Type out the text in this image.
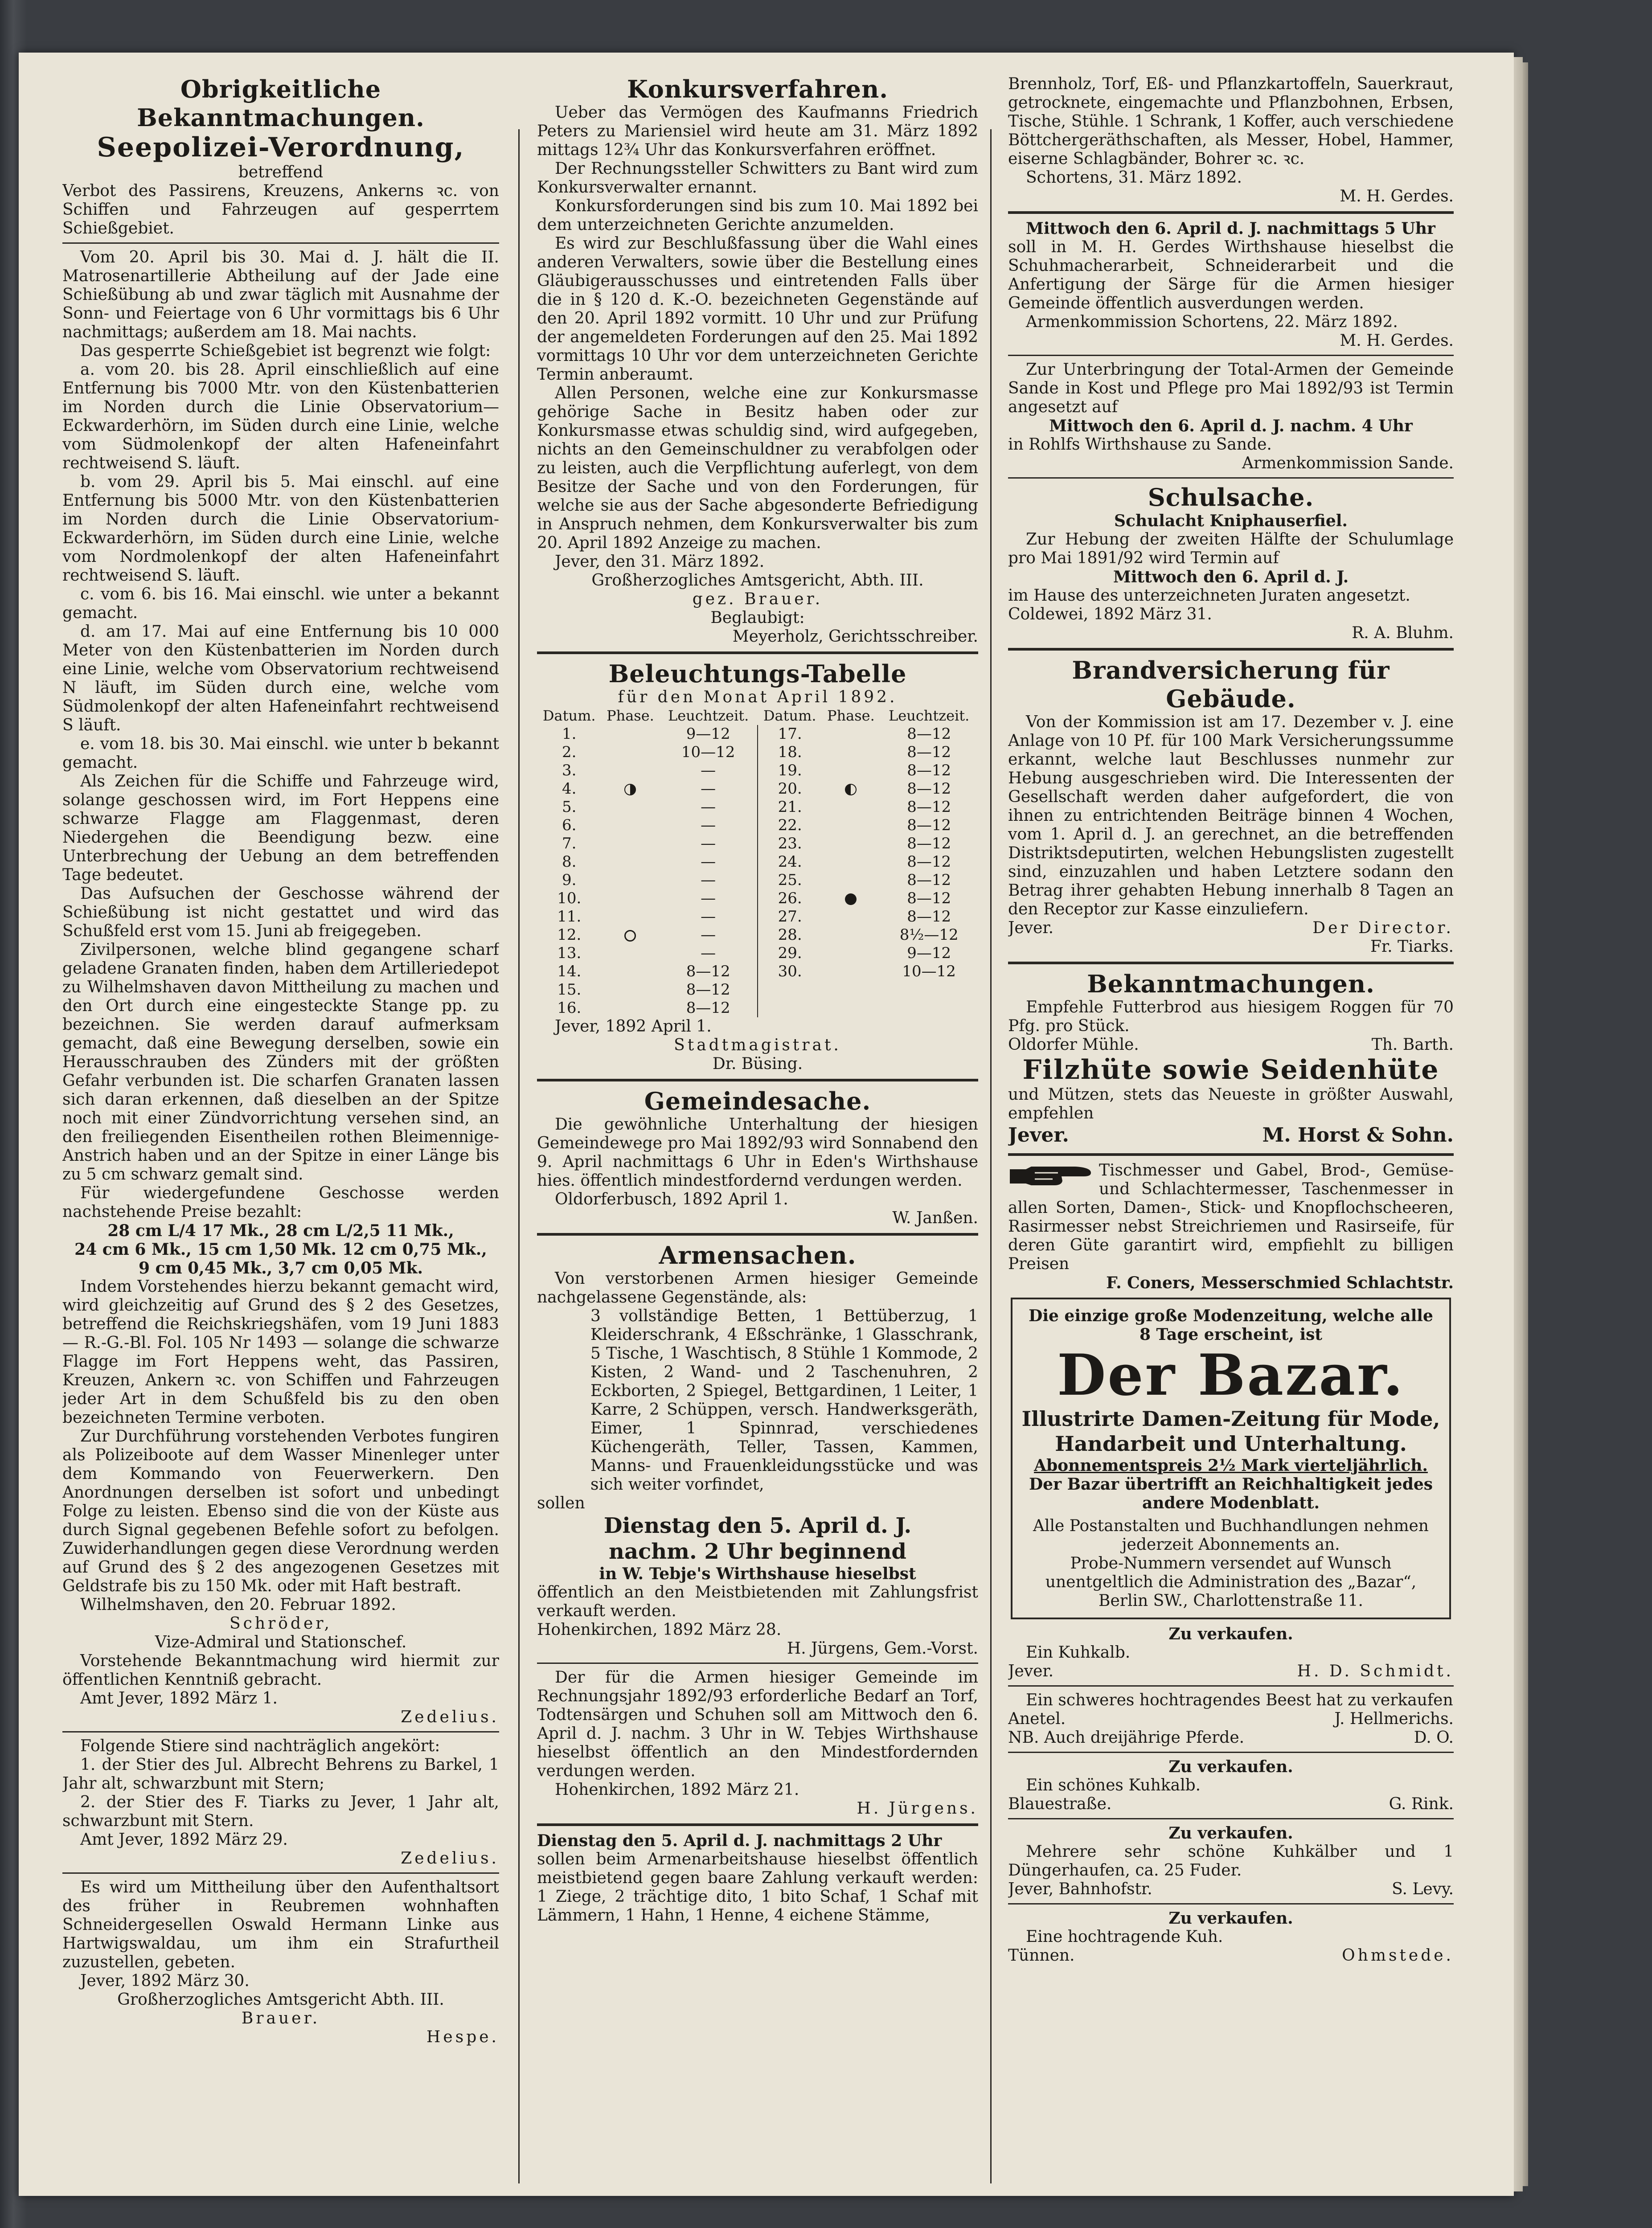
Obrigkeitliche Bekanntmachungen.
Seepolizei-Verordnung,
betreffend

Verbot des Passirens, Kreuzens, Ankerns ꝛc. von Schiffen und Fahrzeugen auf gesperrtem Schießgebiet.

Vom 20. April bis 30. Mai d. J. hält die II. Matrosenartillerie Abtheilung auf der Jade eine Schießübung ab und zwar täglich mit Ausnahme der Sonn- und Feiertage von 6 Uhr vormittags bis 6 Uhr nachmittags; außerdem am 18. Mai nachts.

Das gesperrte Schießgebiet ist begrenzt wie folgt:

a. vom 20. bis 28. April einschließlich auf eine Entfernung bis 7000 Mtr. von den Küstenbatterien im Norden durch die Linie Observatorium—Eckwarderhörn, im Süden durch eine Linie, welche vom Südmolenkopf der alten Hafeneinfahrt rechtweisend S. läuft.

b. vom 29. April bis 5. Mai einschl. auf eine Entfernung bis 5000 Mtr. von den Küstenbatterien im Norden durch die Linie Observatorium-Eckwarderhörn, im Süden durch eine Linie, welche vom Nordmolenkopf der alten Hafeneinfahrt rechtweisend S. läuft.

c. vom 6. bis 16. Mai einschl. wie unter a bekannt gemacht.

d. am 17. Mai auf eine Entfernung bis 10 000 Meter von den Küstenbatterien im Norden durch eine Linie, welche vom Observatorium rechtweisend N läuft, im Süden durch eine, welche vom Südmolenkopf der alten Hafeneinfahrt rechtweisend S läuft.

e. vom 18. bis 30. Mai einschl. wie unter b bekannt gemacht.

Als Zeichen für die Schiffe und Fahrzeuge wird, solange geschossen wird, im Fort Heppens eine schwarze Flagge am Flaggenmast, deren Niedergehen die Beendigung bezw. eine Unterbrechung der Uebung an dem betreffenden Tage bedeutet.

Das Aufsuchen der Geschosse während der Schießübung ist nicht gestattet und wird das Schußfeld erst vom 15. Juni ab freigegeben.

Zivilpersonen, welche blind gegangene scharf geladene Granaten finden, haben dem Artilleriedepot zu Wilhelmshaven davon Mittheilung zu machen und den Ort durch eine eingesteckte Stange pp. zu bezeichnen. Sie werden darauf aufmerksam gemacht, daß eine Bewegung derselben, sowie ein Herausschrauben des Zünders mit der größten Gefahr verbunden ist. Die scharfen Granaten lassen sich daran erkennen, daß dieselben an der Spitze noch mit einer Zündvorrichtung versehen sind, an den freiliegenden Eisentheilen rothen Bleimennige-Anstrich haben und an der Spitze in einer Länge bis zu 5 cm schwarz gemalt sind.

Für wiedergefundene Geschosse werden nachstehende Preise bezahlt:

28 cm L/4 17 Mk., 28 cm L/2,5 11 Mk.,
24 cm 6 Mk., 15 cm 1,50 Mk. 12 cm 0,75 Mk.,
9 cm 0,45 Mk., 3,7 cm 0,05 Mk.

Indem Vorstehendes hierzu bekannt gemacht wird, wird gleichzeitig auf Grund des § 2 des Gesetzes, betreffend die Reichskriegshäfen, vom 19 Juni 1883 — R.-G.-Bl. Fol. 105 Nr 1493 — solange die schwarze Flagge im Fort Heppens weht, das Passiren, Kreuzen, Ankern ꝛc. von Schiffen und Fahrzeugen jeder Art in dem Schußfeld bis zu den oben bezeichneten Termine verboten.

Zur Durchführung vorstehenden Verbotes fungiren als Polizeiboote auf dem Wasser Minenleger unter dem Kommando von Feuerwerkern. Den Anordnungen derselben ist sofort und unbedingt Folge zu leisten. Ebenso sind die von der Küste aus durch Signal gegebenen Befehle sofort zu befolgen. Zuwiderhandlungen gegen diese Verordnung werden auf Grund des § 2 des angezogenen Gesetzes mit Geldstrafe bis zu 150 Mk. oder mit Haft bestraft.

Wilhelmshaven, den 20. Februar 1892.

Schröder,
Vize-Admiral und Stationschef.

Vorstehende Bekanntmachung wird hiermit zur öffentlichen Kenntniß gebracht.

Amt Jever, 1892 März 1.

Zedelius.

Folgende Stiere sind nachträglich angekört:

1. der Stier des Jul. Albrecht Behrens zu Barkel, 1 Jahr alt, schwarzbunt mit Stern;

2. der Stier des F. Tiarks zu Jever, 1 Jahr alt, schwarzbunt mit Stern.

Amt Jever, 1892 März 29.

Zedelius.

Es wird um Mittheilung über den Aufenthaltsort des früher in Reubremen wohnhaften Schneidergesellen Oswald Hermann Linke aus Hartwigswaldau, um ihm ein Strafurtheil zuzustellen, gebeten.

Jever, 1892 März 30.

Großherzogliches Amtsgericht Abth. III.
Brauer.
Hespe.
Konkursverfahren.

Ueber das Vermögen des Kaufmanns Friedrich Peters zu Mariensiel wird heute am 31. März 1892 mittags 12¾ Uhr das Konkursverfahren eröffnet.

Der Rechnungssteller Schwitters zu Bant wird zum Konkursverwalter ernannt.

Konkursforderungen sind bis zum 10. Mai 1892 bei dem unterzeichneten Gerichte anzumelden.

Es wird zur Beschlußfassung über die Wahl eines anderen Verwalters, sowie über die Bestellung eines Gläubigerausschusses und eintretenden Falls über die in § 120 d. K.-O. bezeichneten Gegenstände auf den 20. April 1892 vormitt. 10 Uhr und zur Prüfung der angemeldeten Forderungen auf den 25. Mai 1892 vormittags 10 Uhr vor dem unterzeichneten Gerichte Termin anberaumt.

Allen Personen, welche eine zur Konkursmasse gehörige Sache in Besitz haben oder zur Konkursmasse etwas schuldig sind, wird aufgegeben, nichts an den Gemeinschuldner zu verabfolgen oder zu leisten, auch die Verpflichtung auferlegt, von dem Besitze der Sache und von den Forderungen, für welche sie aus der Sache abgesonderte Befriedigung in Anspruch nehmen, dem Konkursverwalter bis zum 20. April 1892 Anzeige zu machen.

Jever, den 31. März 1892.

Großherzogliches Amtsgericht, Abth. III.
gez. Brauer.
Beglaubigt:
Meyerholz, Gerichtsschreiber.
Beleuchtungs-Tabelle
für den Monat April 1892.
Datum.	Phase.	Leuchtzeit.	Datum.	Phase.	Leuchtzeit.
1.		9—12	17.		8—12
2.		10—12	18.		8—12
3.		—	19.		8—12
4.		—	20.		8—12
5.		—	21.		8—12
6.		—	22.		8—12
7.		—	23.		8—12
8.		—	24.		8—12
9.		—	25.		8—12
10.		—	26.		8—12
11.		—	27.		8—12
12.		—	28.		8½—12
13.		—	29.		9—12
14.		8—12	30.		10—12
15.		8—12			
16.		8—12			

Jever, 1892 April 1.

Stadtmagistrat.
Dr. Büsing.
Gemeindesache.

Die gewöhnliche Unterhaltung der hiesigen Gemeindewege pro Mai 1892/93 wird Sonnabend den 9. April nachmittags 6 Uhr in Eden's Wirthshause hies. öffentlich mindestfordernd verdungen werden.

Oldorferbusch, 1892 April 1.

W. Janßen.
Armensachen.

Von verstorbenen Armen hiesiger Gemeinde nachgelassene Gegenstände, als:

3 vollständige Betten, 1 Bettüberzug, 1 Kleiderschrank, 4 Eßschränke, 1 Glasschrank, 5 Tische, 1 Waschtisch, 8 Stühle 1 Kommode, 2 Kisten, 2 Wand- und 2 Taschenuhren, 2 Eckborten, 2 Spiegel, Bettgardinen, 1 Leiter, 1 Karre, 2 Schüppen, versch. Handwerksgeräth, Eimer, 1 Spinnrad, verschiedenes Küchengeräth, Teller, Tassen, Kammen, Manns- und Frauenkleidungsstücke und was sich weiter vorfindet,

sollen

Dienstag den 5. April d. J.
nachm. 2 Uhr beginnend
in W. Tebje's Wirthshause hieselbst

öffentlich an den Meistbietenden mit Zahlungsfrist verkauft werden.

Hohenkirchen, 1892 März 28.

H. Jürgens, Gem.-Vorst.

Der für die Armen hiesiger Gemeinde im Rechnungsjahr 1892/93 erforderliche Bedarf an Torf, Todtensärgen und Schuhen soll am Mittwoch den 6. April d. J. nachm. 3 Uhr in W. Tebjes Wirthshause hieselbst öffentlich an den Mindestfordernden verdungen werden.

Hohenkirchen, 1892 März 21.

H. Jürgens.

Dienstag den 5. April d. J. nachmittags 2 Uhr

sollen beim Armenarbeitshause hieselbst öffentlich meistbietend gegen baare Zahlung verkauft werden: 1 Ziege, 2 trächtige dito, 1 bito Schaf, 1 Schaf mit Lämmern, 1 Hahn, 1 Henne, 4 eichene Stämme,

Brennholz, Torf, Eß- und Pflanzkartoffeln, Sauerkraut, getrocknete, eingemachte und Pflanzbohnen, Erbsen, Tische, Stühle. 1 Schrank, 1 Koffer, auch verschiedene Böttchergeräthschaften, als Messer, Hobel, Hammer, eiserne Schlagbänder, Bohrer ꝛc. ꝛc.

Schortens, 31. März 1892.

M. H. Gerdes.

Mittwoch den 6. April d. J. nachmittags 5 Uhr

soll in M. H. Gerdes Wirthshause hieselbst die Schuhmacherarbeit, Schneiderarbeit und die Anfertigung der Särge für die Armen hiesiger Gemeinde öffentlich ausverdungen werden.

Armenkommission Schortens, 22. März 1892.

M. H. Gerdes.

Zur Unterbringung der Total-Armen der Gemeinde Sande in Kost und Pflege pro Mai 1892/93 ist Termin angesetzt auf

Mittwoch den 6. April d. J. nachm. 4 Uhr

in Rohlfs Wirthshause zu Sande.

Armenkommission Sande.
Schulsache.
Schulacht Kniphauserfiel.

Zur Hebung der zweiten Hälfte der Schulumlage pro Mai 1891/92 wird Termin auf

Mittwoch den 6. April d. J.

im Hause des unterzeichneten Juraten angesetzt.

Coldewei, 1892 März 31.

R. A. Bluhm.
Brandversicherung für Gebäude.

Von der Kommission ist am 17. Dezember v. J. eine Anlage von 10 Pf. für 100 Mark Versicherungssumme erkannt, welche laut Beschlusses nunmehr zur Hebung ausgeschrieben wird. Die Interessenten der Gesellschaft werden daher aufgefordert, die von ihnen zu entrichtenden Beiträge binnen 4 Wochen, vom 1. April d. J. an gerechnet, an die betreffenden Distriktsdeputirten, welchen Hebungslisten zugestellt sind, einzuzahlen und haben Letztere sodann den Betrag ihrer gehabten Hebung innerhalb 8 Tagen an den Receptor zur Kasse einzuliefern.

Jever.	Der Director.
Fr. Tiarks.
Bekanntmachungen.

Empfehle Futterbrod aus hiesigem Roggen für 70 Pfg. pro Stück.

Oldorfer Mühle.	Th. Barth.
Filzhüte sowie Seidenhüte

und Mützen, stets das Neueste in größter Auswahl, empfehlen

Jever.	M. Horst & Sohn.

Tischmesser und Gabel, Brod-, Gemüse- und Schlachtermesser, Taschenmesser in allen Sorten, Damen-, Stick- und Knopflochscheeren, Rasirmesser nebst Streichriemen und Rasirseife, für deren Güte garantirt wird, empfiehlt zu billigen Preisen

F. Coners, Messerschmied Schlachtstr.
Die einzige große Modenzeitung, welche alle 8 Tage erscheint, ist
Der Bazar.
Illustrirte Damen-Zeitung für Mode, Handarbeit und Unterhaltung.
Abonnementspreis 2½ Mark vierteljährlich.
Der Bazar übertrifft an Reichhaltigkeit jedes andere Modenblatt.
Alle Postanstalten und Buchhandlungen nehmen jederzeit Abonnements an.
Probe-Nummern versendet auf Wunsch unentgeltlich die Administration des „Bazar“, Berlin SW., Charlottenstraße 11.
Zu verkaufen.

Ein Kuhkalb.

Jever.	H. D. Schmidt.

Ein schweres hochtragendes Beest hat zu verkaufen

Anetel.	J. Hellmerichs.
NB. Auch dreijährige Pferde.	D. O.
Zu verkaufen.

Ein schönes Kuhkalb.

Blauestraße.	G. Rink.
Zu verkaufen.

Mehrere sehr schöne Kuhkälber und 1 Düngerhaufen, ca. 25 Fuder.

Jever, Bahnhofstr.	S. Levy.
Zu verkaufen.

Eine hochtragende Kuh.

Tünnen.	Ohmstede.
